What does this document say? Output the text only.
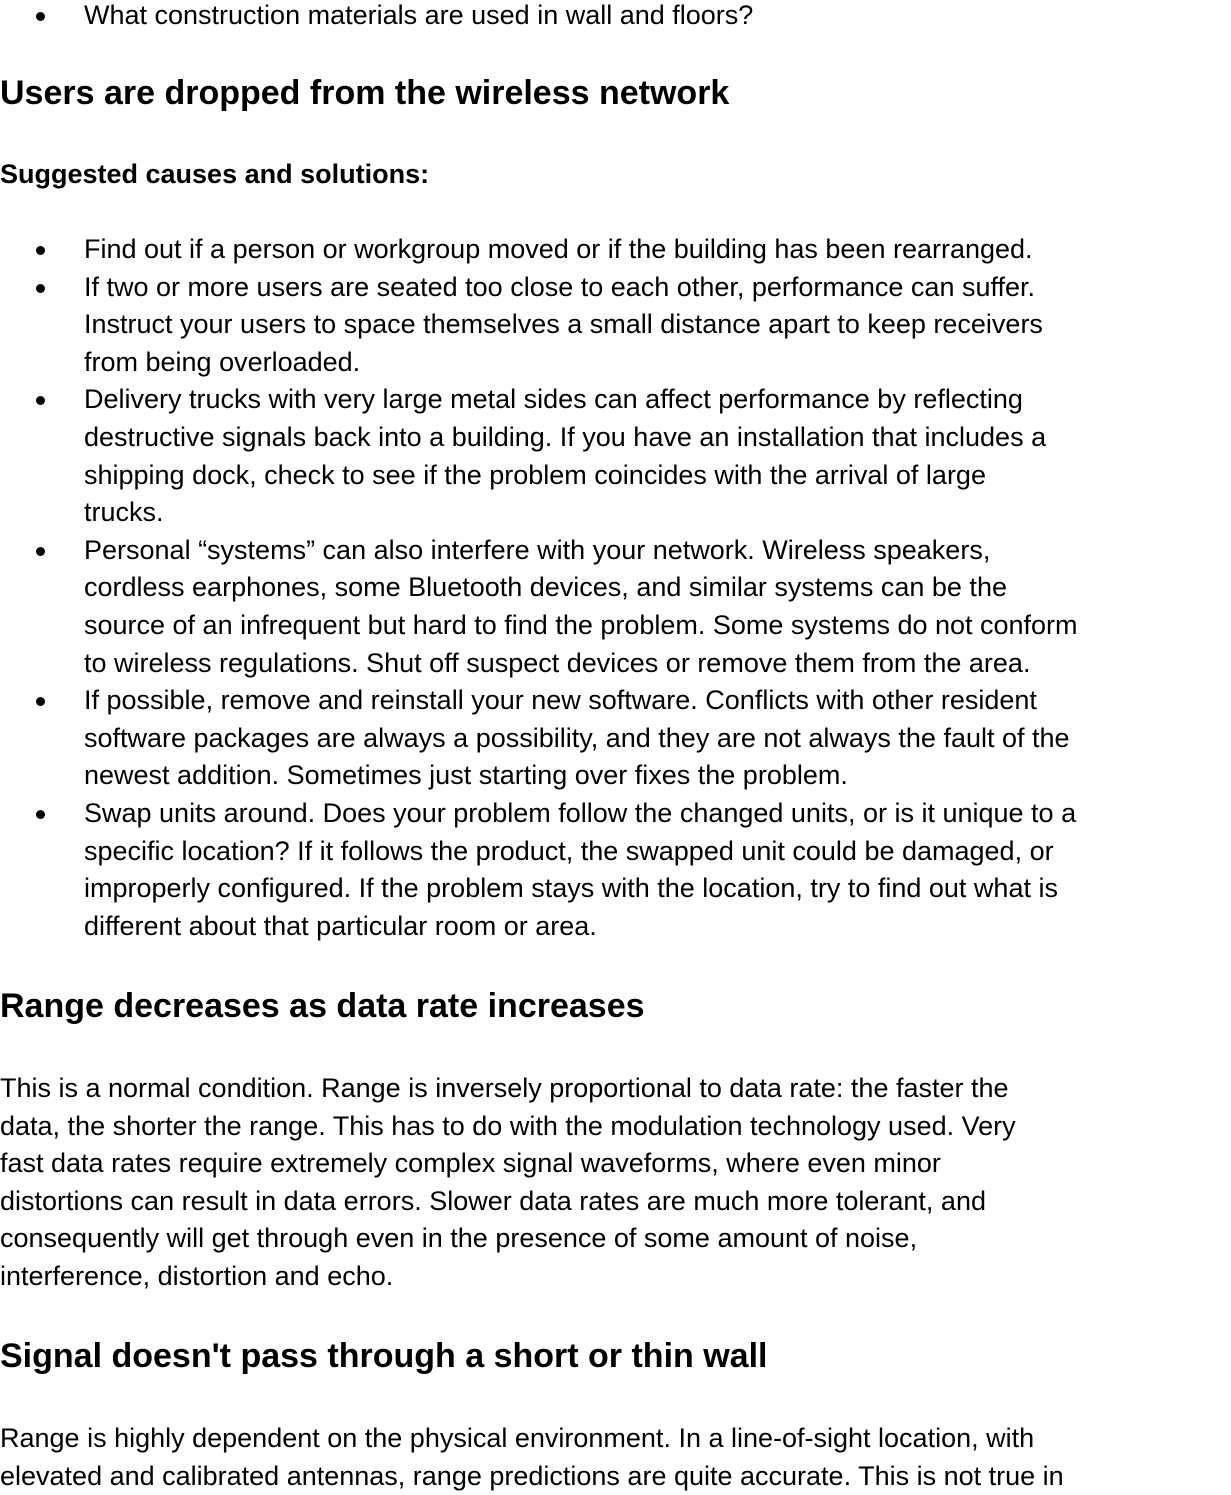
What construction materials are used in wall and floors?
Users are dropped from the wireless network
Suggested causes and solutions:
Find out if a person or workgroup moved or if the building has been rearranged.
If two or more users are seated too close to each other, performance can suffer.
Instruct your users to space themselves a small distance apart to keep receivers
from being overloaded.
Delivery trucks with very large metal sides can affect performance by reflecting
destructive signals back into a building. If you have an installation that includes a
shipping dock, check to see if the problem coincides with the arrival of large
trucks.
Personal “systems” can also interfere with your network. Wireless speakers,
cordless earphones, some Bluetooth devices, and similar systems can be the
source of an infrequent but hard to find the problem. Some systems do not conform
to wireless regulations. Shut off suspect devices or remove them from the area.
If possible, remove and reinstall your new software. Conflicts with other resident
software packages are always a possibility, and they are not always the fault of the
newest addition. Sometimes just starting over fixes the problem.
Swap units around. Does your problem follow the changed units, or is it unique to a
specific location? If it follows the product, the swapped unit could be damaged, or
improperly configured. If the problem stays with the location, try to find out what is
different about that particular room or area.
Range decreases as data rate increases
This is a normal condition. Range is inversely proportional to data rate: the faster the
data, the shorter the range. This has to do with the modulation technology used. Very
fast data rates require extremely complex signal waveforms, where even minor
distortions can result in data errors. Slower data rates are much more tolerant, and
consequently will get through even in the presence of some amount of noise,
interference, distortion and echo.
Signal doesn't pass through a short or thin wall
Range is highly dependent on the physical environment. In a line-of-sight location, with
elevated and calibrated antennas, range predictions are quite accurate. This is not true in
